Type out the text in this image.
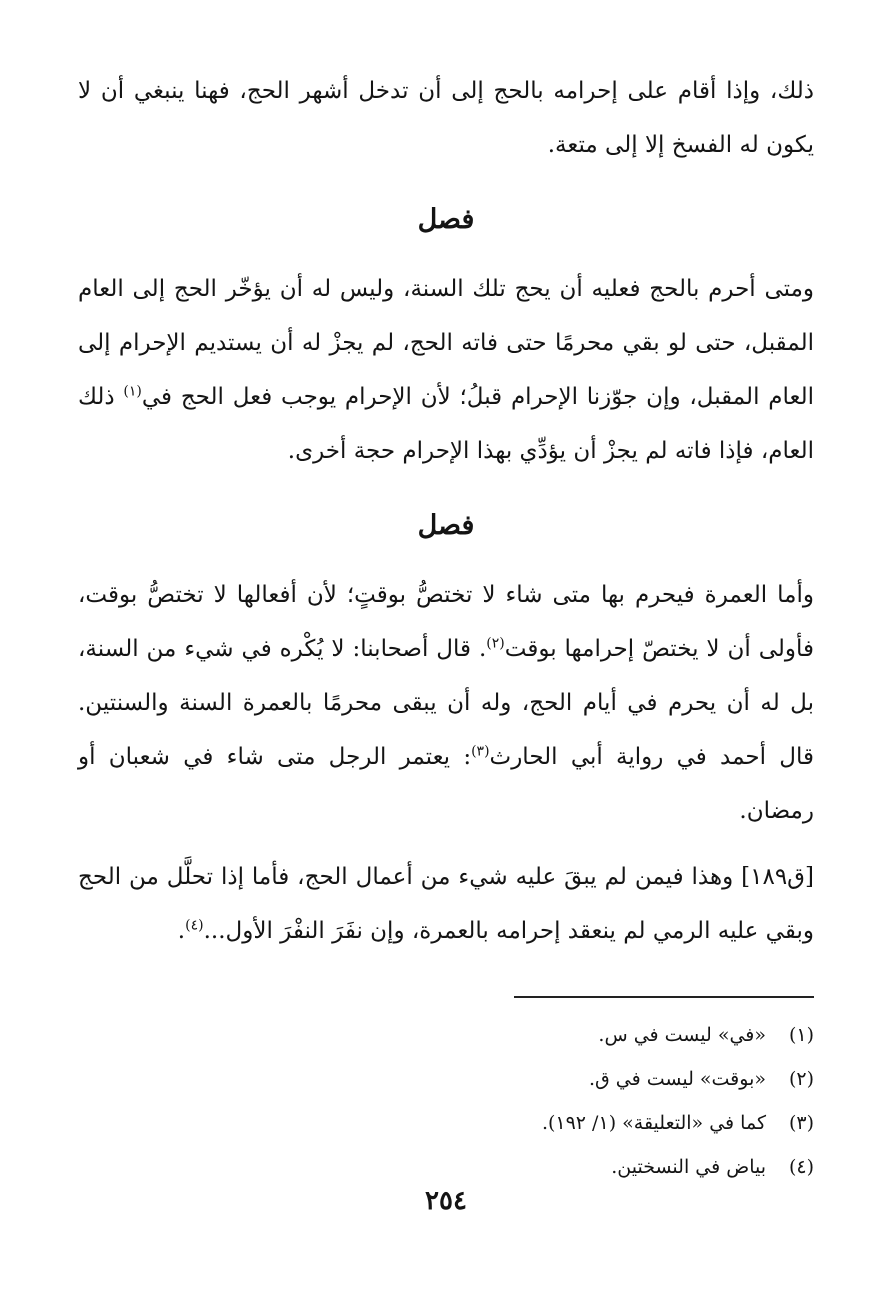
ذلك، وإذا أقام على إحرامه بالحج إلى أن تدخل أشهر الحج، فهنا ينبغي أن لا يكون له الفسخ إلا إلى متعة.

فصل

ومتى أحرم بالحج فعليه أن يحج تلك السنة، وليس له أن يؤخّر الحج إلى العام المقبل، حتى لو بقي محرمًا حتى فاته الحج، لم يجزْ له أن يستديم الإحرام إلى العام المقبل، وإن جوّزنا الإحرام قبلُ؛ لأن الإحرام يوجب فعل الحج في$^{(١)}$ ذلك العام، فإذا فاته لم يجزْ أن يؤدِّي بهذا الإحرام حجة أخرى.

فصل

وأما العمرة فيحرم بها متى شاء لا تختصُّ بوقتٍ؛ لأن أفعالها لا تختصُّ بوقت، فأولى أن لا يختصّ إحرامها بوقت$^{(٢)}$. قال أصحابنا: لا يُكْره في شيء من السنة، بل له أن يحرم في أيام الحج، وله أن يبقى محرمًا بالعمرة السنة والسنتين. قال أحمد في رواية أبي الحارث$^{(٣)}$: يعتمر الرجل متى شاء في شعبان أو رمضان.

[ق١٨٩] وهذا فيمن لم يبقَ عليه شيء من أعمال الحج، فأما إذا تحلَّل من الحج وبقي عليه الرمي لم ينعقد إحرامه بالعمرة، وإن نفَرَ النفْرَ الأول...$^{(٤)}$.

(١)
«في» ليست في س.
(٢)
«بوقت» ليست في ق.
(٣)
كما في «التعليقة» (١/ ١٩٢).
(٤)
بياض في النسختين.
٢٥٤
